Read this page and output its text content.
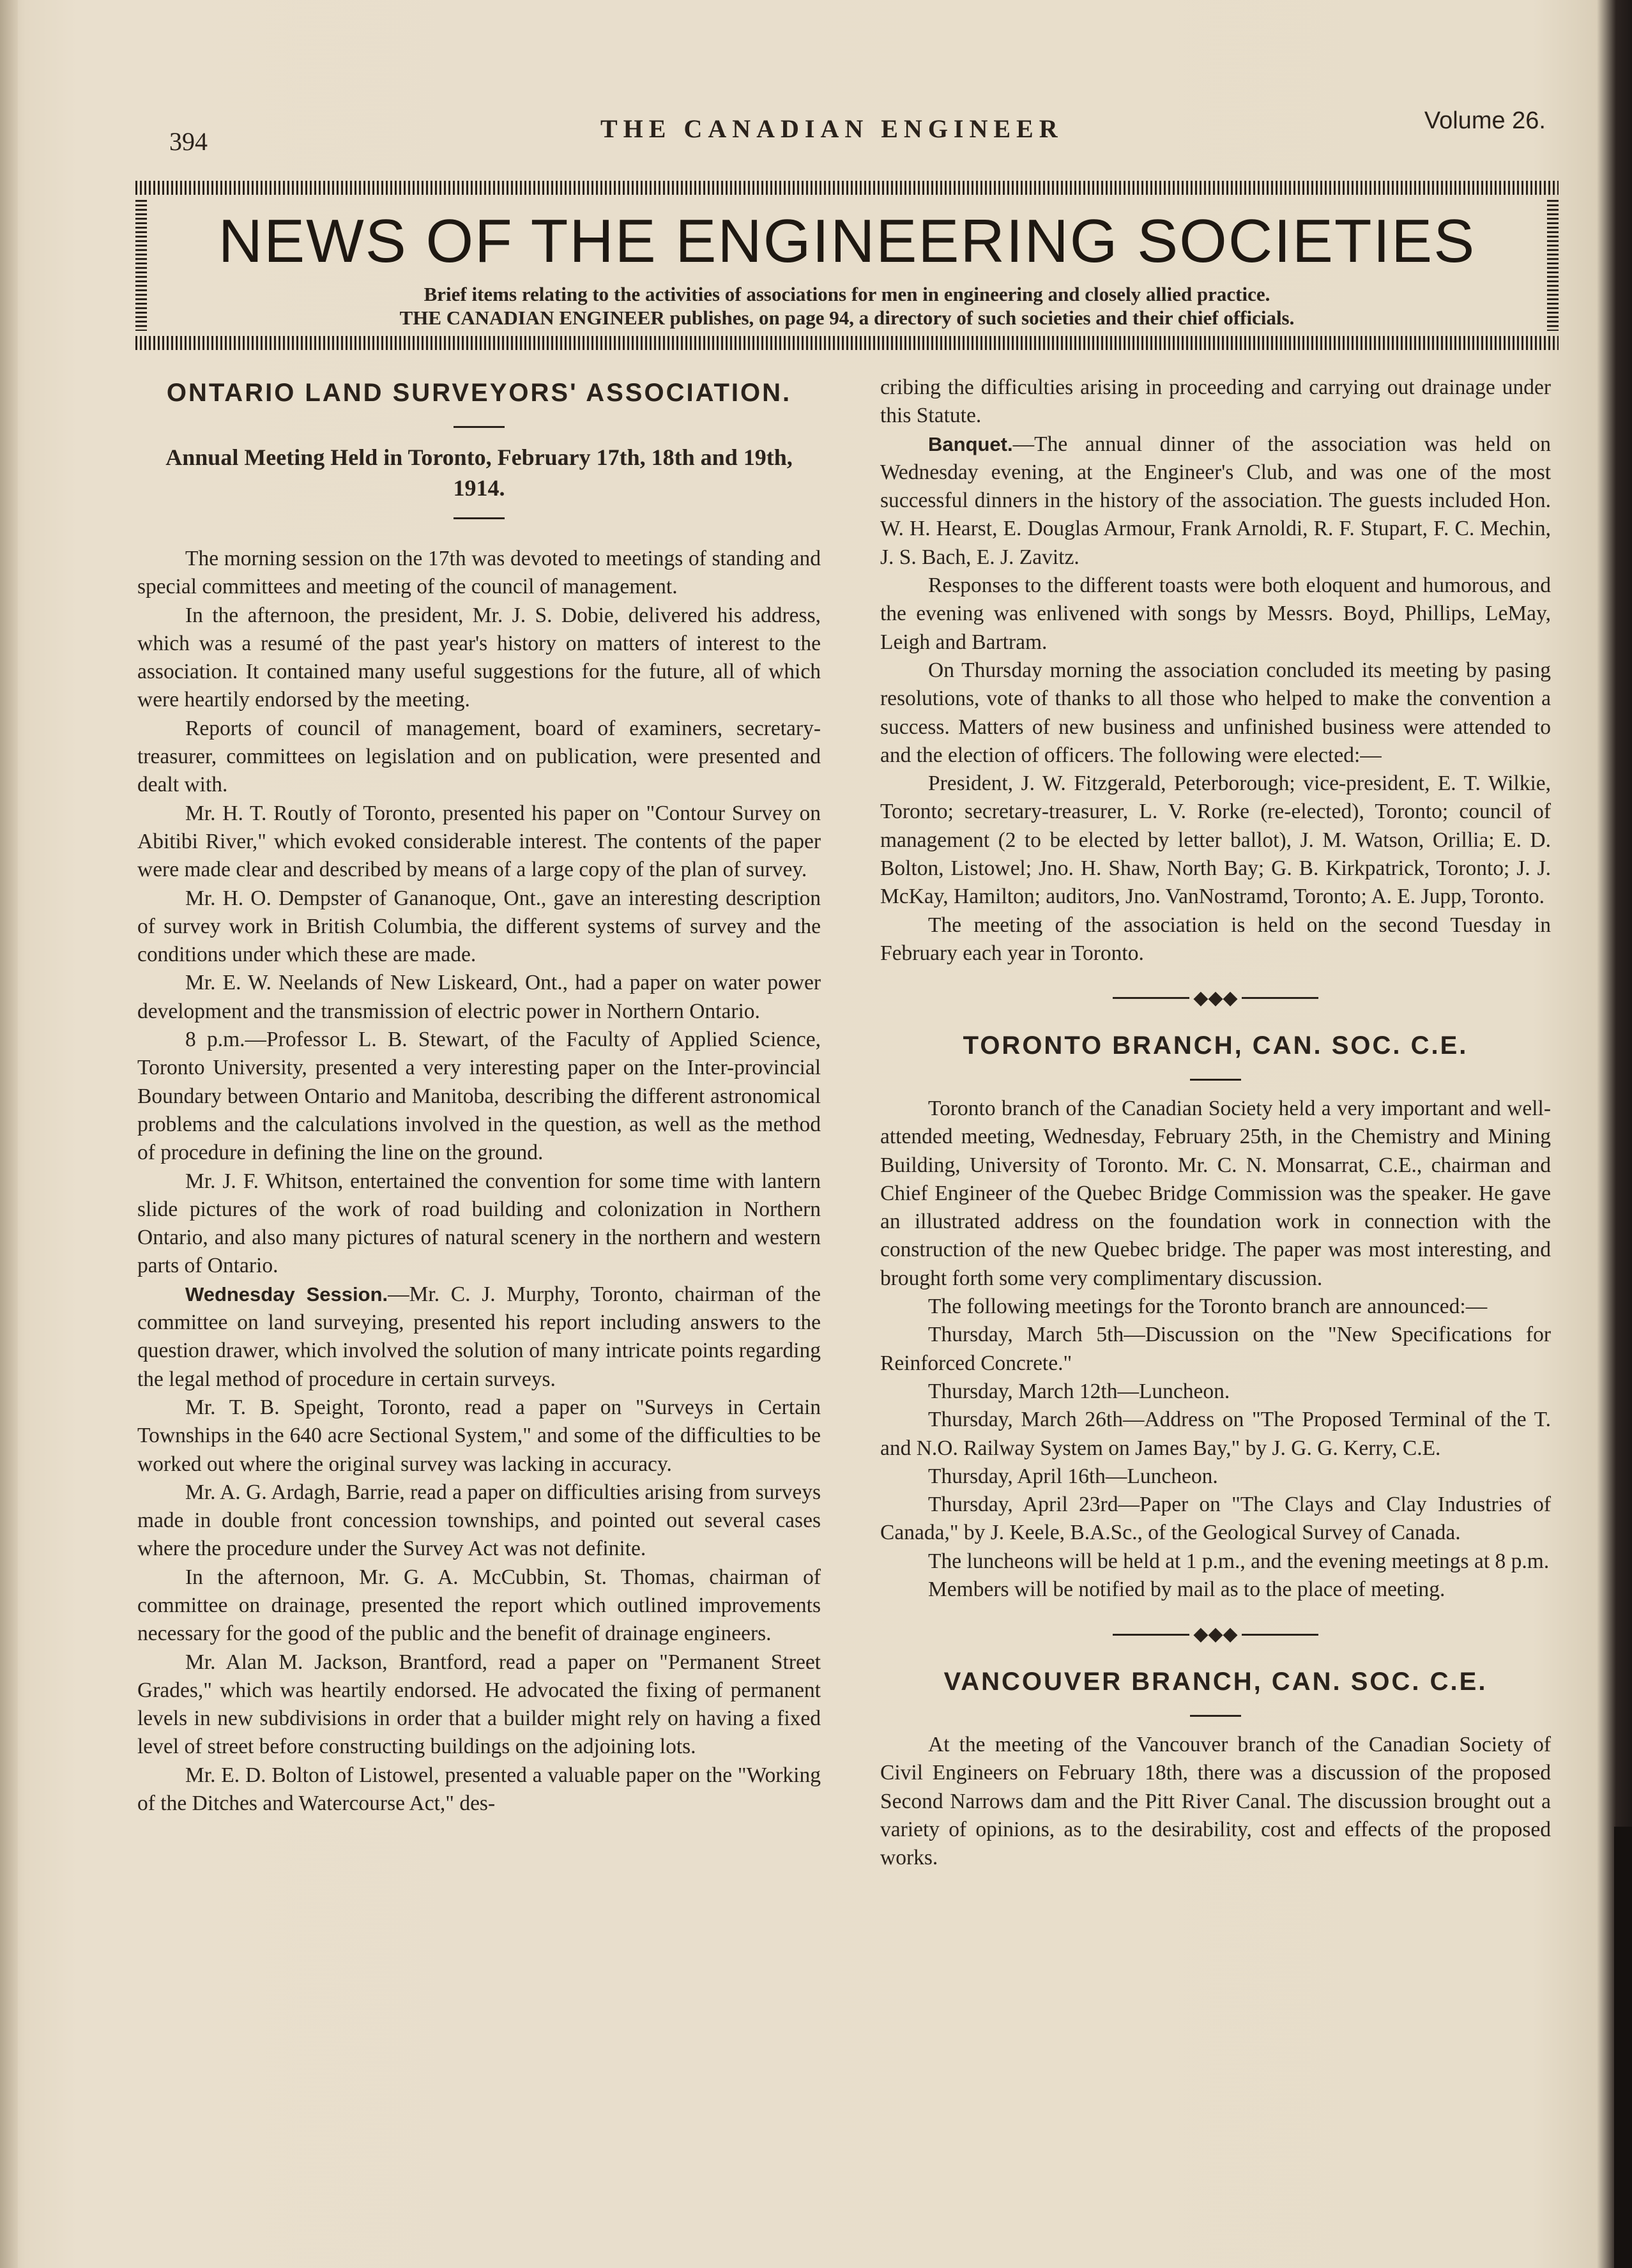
394	THE CANADIAN ENGINEER	Volume 26.
NEWS OF THE ENGINEERING SOCIETIES
Brief items relating to the activities of associations for men in engineering and closely allied practice.
THE CANADIAN ENGINEER publishes, on page 94, a directory of such societies and their chief officials.
ONTARIO LAND SURVEYORS' ASSOCIATION.
Annual Meeting Held in Toronto, February 17th, 18th and 19th, 1914.

The morning session on the 17th was devoted to meetings of standing and special committees and meeting of the council of management.

In the afternoon, the president, Mr. J. S. Dobie, delivered his address, which was a resumé of the past year's history on matters of interest to the association. It contained many useful suggestions for the future, all of which were heartily endorsed by the meeting.

Reports of council of management, board of examiners, secretary-treasurer, committees on legislation and on publication, were presented and dealt with.

Mr. H. T. Routly of Toronto, presented his paper on "Contour Survey on Abitibi River," which evoked considerable interest. The contents of the paper were made clear and described by means of a large copy of the plan of survey.

Mr. H. O. Dempster of Gananoque, Ont., gave an interesting description of survey work in British Columbia, the different systems of survey and the conditions under which these are made.

Mr. E. W. Neelands of New Liskeard, Ont., had a paper on water power development and the transmission of electric power in Northern Ontario.

8 p.m.—Professor L. B. Stewart, of the Faculty of Applied Science, Toronto University, presented a very interesting paper on the Inter-provincial Boundary between Ontario and Manitoba, describing the different astronomical problems and the calculations involved in the question, as well as the method of procedure in defining the line on the ground.

Mr. J. F. Whitson, entertained the convention for some time with lantern slide pictures of the work of road building and colonization in Northern Ontario, and also many pictures of natural scenery in the northern and western parts of Ontario.

Wednesday Session.—Mr. C. J. Murphy, Toronto, chairman of the committee on land surveying, presented his report including answers to the question drawer, which involved the solution of many intricate points regarding the legal method of procedure in certain surveys.

Mr. T. B. Speight, Toronto, read a paper on "Surveys in Certain Townships in the 640 acre Sectional System," and some of the difficulties to be worked out where the original survey was lacking in accuracy.

Mr. A. G. Ardagh, Barrie, read a paper on difficulties arising from surveys made in double front concession townships, and pointed out several cases where the procedure under the Survey Act was not definite.

In the afternoon, Mr. G. A. McCubbin, St. Thomas, chairman of committee on drainage, presented the report which outlined improvements necessary for the good of the public and the benefit of drainage engineers.

Mr. Alan M. Jackson, Brantford, read a paper on "Permanent Street Grades," which was heartily endorsed. He advocated the fixing of permanent levels in new subdivisions in order that a builder might rely on having a fixed level of street before constructing buildings on the adjoining lots.

Mr. E. D. Bolton of Listowel, presented a valuable paper on the "Working of the Ditches and Watercourse Act," des-

cribing the difficulties arising in proceeding and carrying out drainage under this Statute.

Banquet.—The annual dinner of the association was held on Wednesday evening, at the Engineer's Club, and was one of the most successful dinners in the history of the association. The guests included Hon. W. H. Hearst, E. Douglas Armour, Frank Arnoldi, R. F. Stupart, F. C. Mechin, J. S. Bach, E. J. Zavitz.

Responses to the different toasts were both eloquent and humorous, and the evening was enlivened with songs by Messrs. Boyd, Phillips, LeMay, Leigh and Bartram.

On Thursday morning the association concluded its meeting by pasing resolutions, vote of thanks to all those who helped to make the convention a success. Matters of new business and unfinished business were attended to and the election of officers. The following were elected:—

President, J. W. Fitzgerald, Peterborough; vice-president, E. T. Wilkie, Toronto; secretary-treasurer, L. V. Rorke (re-elected), Toronto; council of management (2 to be elected by letter ballot), J. M. Watson, Orillia; E. D. Bolton, Listowel; Jno. H. Shaw, North Bay; G. B. Kirkpatrick, Toronto; J. J. McKay, Hamilton; auditors, Jno. VanNostramd, Toronto; A. E. Jupp, Toronto.

The meeting of the association is held on the second Tuesday in February each year in Toronto.

◆◆◆
TORONTO BRANCH, CAN. SOC. C.E.

Toronto branch of the Canadian Society held a very important and well-attended meeting, Wednesday, February 25th, in the Chemistry and Mining Building, University of Toronto. Mr. C. N. Monsarrat, C.E., chairman and Chief Engineer of the Quebec Bridge Commission was the speaker. He gave an illustrated address on the foundation work in connection with the construction of the new Quebec bridge. The paper was most interesting, and brought forth some very complimentary discussion.

The following meetings for the Toronto branch are announced:—

Thursday, March 5th—Discussion on the "New Specifications for Reinforced Concrete."

Thursday, March 12th—Luncheon.

Thursday, March 26th—Address on "The Proposed Terminal of the T. and N.O. Railway System on James Bay," by J. G. G. Kerry, C.E.

Thursday, April 16th—Luncheon.

Thursday, April 23rd—Paper on "The Clays and Clay Industries of Canada," by J. Keele, B.A.Sc., of the Geological Survey of Canada.

The luncheons will be held at 1 p.m., and the evening meetings at 8 p.m.

Members will be notified by mail as to the place of meeting.

◆◆◆
VANCOUVER BRANCH, CAN. SOC. C.E.

At the meeting of the Vancouver branch of the Canadian Society of Civil Engineers on February 18th, there was a discussion of the proposed Second Narrows dam and the Pitt River Canal. The discussion brought out a variety of opinions, as to the desirability, cost and effects of the proposed works.
